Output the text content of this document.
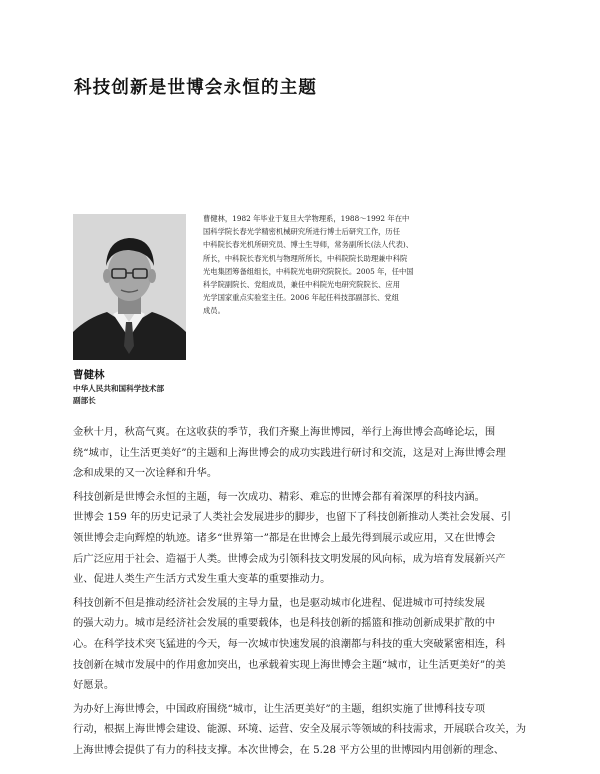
科技创新是世博会永恒的主题
曹健林
中华人民共和国科学技术部
副部长
曹健林，1982 年毕业于复旦大学物理系，1988～1992 年在中
国科学院长春光学精密机械研究所进行博士后研究工作，历任
中科院长春光机所研究员、博士生导师，常务副所长(法人代表)、
所长，中科院长春光机与物理所所长，中科院院长助理兼中科院
光电集团筹备组组长，中科院光电研究院院长。2005 年，任中国
科学院副院长、党组成员，兼任中科院光电研究院院长、应用
光学国家重点实验室主任。2006 年起任科技部副部长、党组
成员。
金秋十月，秋高气爽。在这收获的季节，我们齐聚上海世博园，举行上海世博会高峰论坛，围
绕“城市，让生活更美好”的主题和上海世博会的成功实践进行研讨和交流，这是对上海世博会理
念和成果的又一次诠释和升华。
科技创新是世博会永恒的主题，每一次成功、精彩、难忘的世博会都有着深厚的科技内涵。
世博会 159 年的历史记录了人类社会发展进步的脚步，也留下了科技创新推动人类社会发展、引
领世博会走向辉煌的轨迹。诸多“世界第一”都是在世博会上最先得到展示或应用，又在世博会
后广泛应用于社会、造福于人类。世博会成为引领科技文明发展的风向标，成为培育发展新兴产
业、促进人类生产生活方式发生重大变革的重要推动力。
科技创新不但是推动经济社会发展的主导力量，也是驱动城市化进程、促进城市可持续发展
的强大动力。城市是经济社会发展的重要载体，也是科技创新的摇篮和推动创新成果扩散的中
心。在科学技术突飞猛进的今天，每一次城市快速发展的浪潮都与科技的重大突破紧密相连，科
技创新在城市发展中的作用愈加突出，也承载着实现上海世博会主题“城市，让生活更美好”的美
好愿景。
为办好上海世博会，中国政府围绕“城市，让生活更美好”的主题，组织实施了世博科技专项
行动，根据上海世博会建设、能源、环境、运营、安全及展示等领域的科技需求，开展联合攻关，为
上海世博会提供了有力的科技支撑。本次世博会，在 5.28 平方公里的世博园内用创新的理念、
